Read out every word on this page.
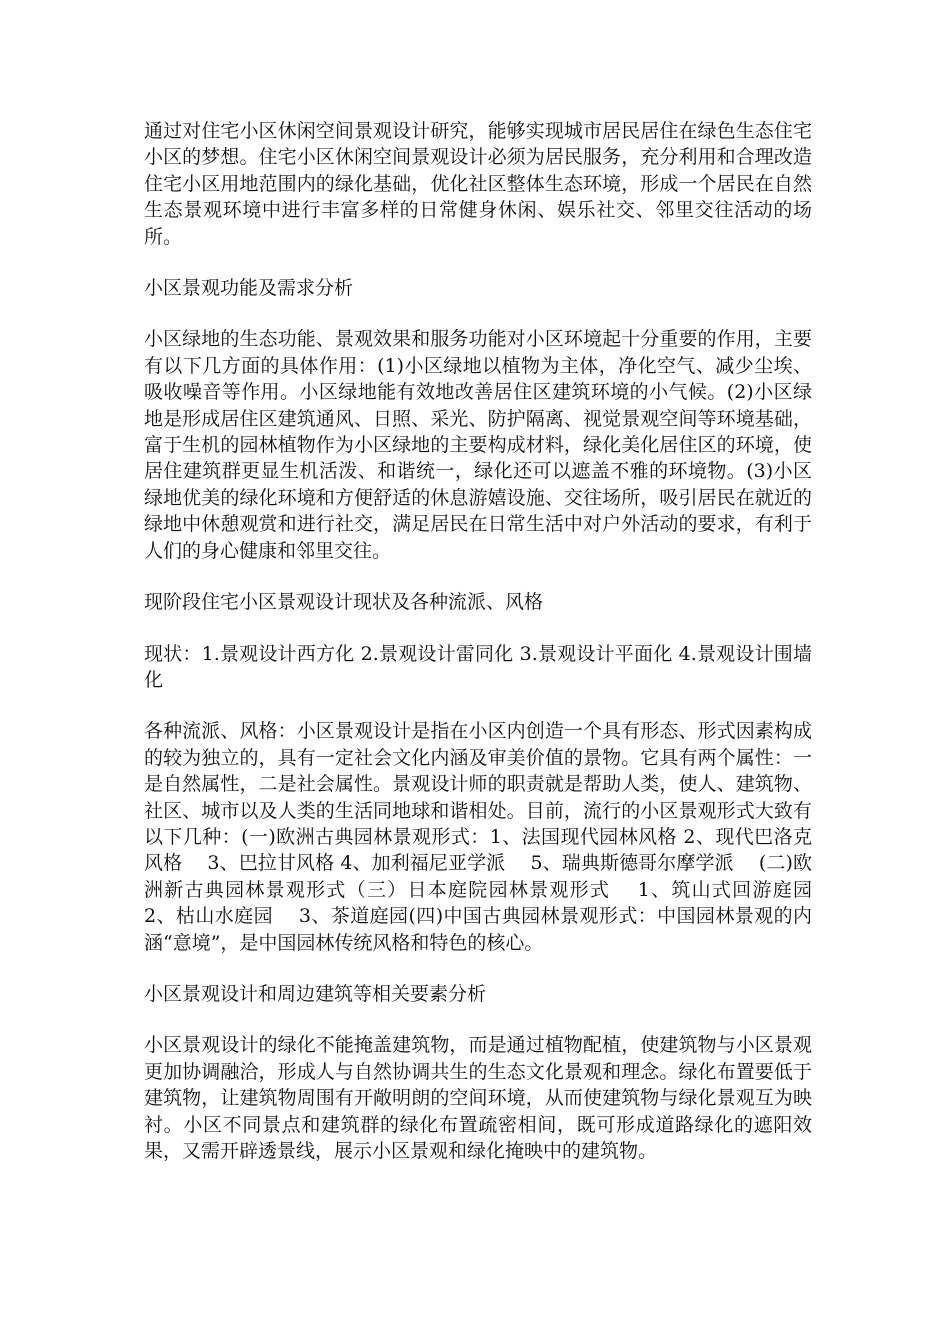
通过对住宅小区休闲空间景观设计研究，能够实现城市居民居住在绿色生态住宅小区的梦想。住宅小区休闲空间景观设计必须为居民服务，充分利用和合理改造住宅小区用地范围内的绿化基础，优化社区整体生态环境，形成一个居民在自然生态景观环境中进行丰富多样的日常健身休闲、娱乐社交、邻里交往活动的场所。

小区景观功能及需求分析

小区绿地的生态功能、景观效果和服务功能对小区环境起十分重要的作用，主要有以下几方面的具体作用：(1)小区绿地以植物为主体，净化空气、减少尘埃、吸收噪音等作用。小区绿地能有效地改善居住区建筑环境的小气候。(2)小区绿地是形成居住区建筑通风、日照、采光、防护隔离、视觉景观空间等环境基础，富于生机的园林植物作为小区绿地的主要构成材料，绿化美化居住区的环境，使居住建筑群更显生机活泼、和谐统一，绿化还可以遮盖不雅的环境物。(3)小区绿地优美的绿化环境和方便舒适的休息游嬉设施、交往场所，吸引居民在就近的绿地中休憩观赏和进行社交，满足居民在日常生活中对户外活动的要求，有利于人们的身心健康和邻里交往。

现阶段住宅小区景观设计现状及各种流派、风格

现状：1.景观设计西方化 2.景观设计雷同化 3.景观设计平面化 4.景观设计围墙化

各种流派、风格：小区景观设计是指在小区内创造一个具有形态、形式因素构成的较为独立的，具有一定社会文化内涵及审美价值的景物。它具有两个属性：一是自然属性，二是社会属性。景观设计师的职责就是帮助人类，使人、建筑物、社区、城市以及人类的生活同地球和谐相处。目前，流行的小区景观形式大致有以下几种：(一)欧洲古典园林景观形式：1、法国现代园林风格 2、现代巴洛克风格　 3、巴拉甘风格 4、加利福尼亚学派　 5、瑞典斯德哥尔摩学派　 (二)欧洲新古典园林景观形式（三）日本庭院园林景观形式　 1、筑山式回游庭园　 2、枯山水庭园　 3、茶道庭园(四)中国古典园林景观形式：中国园林景观的内涵“意境”，是中国园林传统风格和特色的核心。

小区景观设计和周边建筑等相关要素分析

小区景观设计的绿化不能掩盖建筑物，而是通过植物配植，使建筑物与小区景观更加协调融洽，形成人与自然协调共生的生态文化景观和理念。绿化布置要低于建筑物，让建筑物周围有开敞明朗的空间环境，从而使建筑物与绿化景观互为映衬。小区不同景点和建筑群的绿化布置疏密相间，既可形成道路绿化的遮阳效果，又需开辟透景线，展示小区景观和绿化掩映中的建筑物。
